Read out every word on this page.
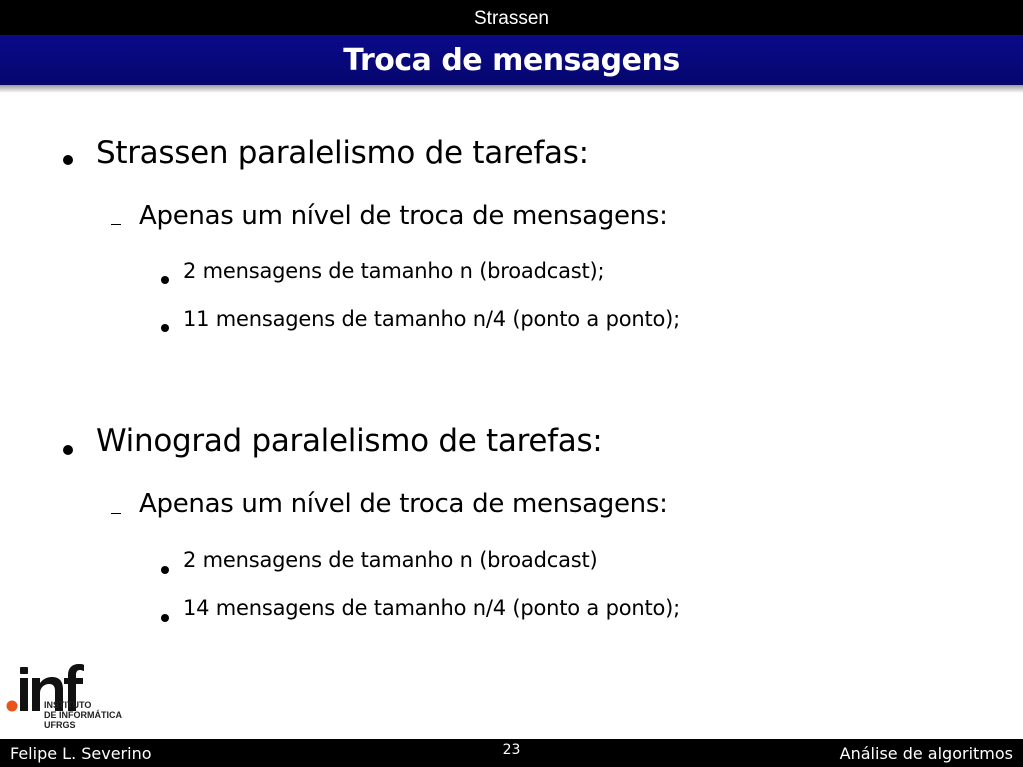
Strassen
Troca de mensagens
Strassen paralelismo de tarefas:
Apenas um nível de troca de mensagens:
2 mensagens de tamanho n (broadcast);
11 mensagens de tamanho n/4 (ponto a ponto);
Winograd paralelismo de tarefas:
Apenas um nível de troca de mensagens:
2 mensagens de tamanho n (broadcast)
14 mensagens de tamanho n/4 (ponto a ponto);
INSTITUTO
DE INFORMÁTICA
UFRGS
Felipe L. Severino	23	Análise de algoritmos
